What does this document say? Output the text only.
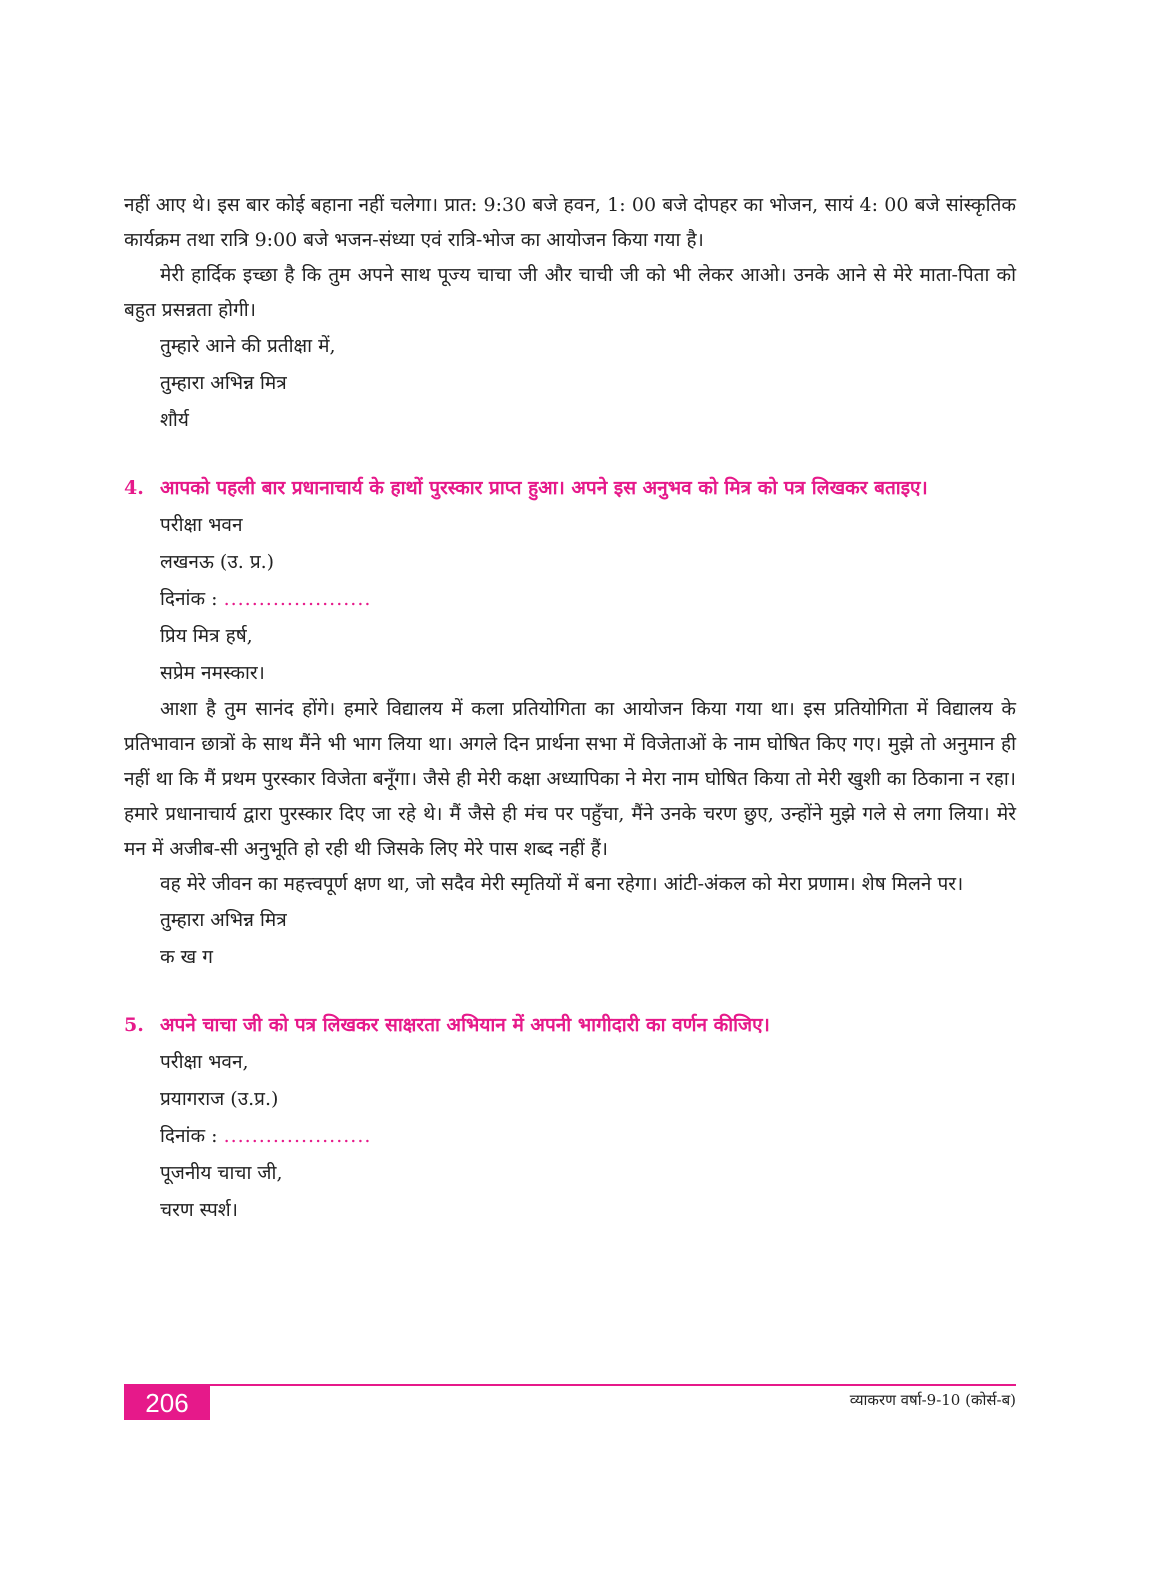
नहीं आए थे। इस बार कोई बहाना नहीं चलेगा। प्रात: 9:30 बजे हवन, 1: 00 बजे दोपहर का भोजन, सायं 4: 00 बजे सांस्कृतिक कार्यक्रम तथा रात्रि 9:00 बजे भजन-संध्या एवं रात्रि-भोज का आयोजन किया गया है।

मेरी हार्दिक इच्छा है कि तुम अपने साथ पूज्य चाचा जी और चाची जी को भी लेकर आओ। उनके आने से मेरे माता-पिता को बहुत प्रसन्नता होगी।

तुम्हारे आने की प्रतीक्षा में,

तुम्हारा अभिन्न मित्र

शौर्य

4. आपको पहली बार प्रधानाचार्य के हाथों पुरस्कार प्राप्त हुआ। अपने इस अनुभव को मित्र को पत्र लिखकर बताइए।

परीक्षा भवन

लखनऊ (उ. प्र.)

दिनांक : .....................

प्रिय मित्र हर्ष,

सप्रेम नमस्कार।

आशा है तुम सानंद होंगे। हमारे विद्यालय में कला प्रतियोगिता का आयोजन किया गया था। इस प्रतियोगिता में विद्यालय के प्रतिभावान छात्रों के साथ मैंने भी भाग लिया था। अगले दिन प्रार्थना सभा में विजेताओं के नाम घोषित किए गए। मुझे तो अनुमान ही नहीं था कि मैं प्रथम पुरस्कार विजेता बनूँगा। जैसे ही मेरी कक्षा अध्यापिका ने मेरा नाम घोषित किया तो मेरी खुशी का ठिकाना न रहा। हमारे प्रधानाचार्य द्वारा पुरस्कार दिए जा रहे थे। मैं जैसे ही मंच पर पहुँचा, मैंने उनके चरण छुए, उन्होंने मुझे गले से लगा लिया। मेरे मन में अजीब-सी अनुभूति हो रही थी जिसके लिए मेरे पास शब्द नहीं हैं।

वह मेरे जीवन का महत्त्वपूर्ण क्षण था, जो सदैव मेरी स्मृतियों में बना रहेगा। आंटी-अंकल को मेरा प्रणाम। शेष मिलने पर।

तुम्हारा अभिन्न मित्र

क ख ग

5. अपने चाचा जी को पत्र लिखकर साक्षरता अभियान में अपनी भागीदारी का वर्णन कीजिए।

परीक्षा भवन,

प्रयागराज (उ.प्र.)

दिनांक : .....................

पूजनीय चाचा जी,

चरण स्पर्श।

206	व्याकरण वर्षा-9-10 (कोर्स-ब)
